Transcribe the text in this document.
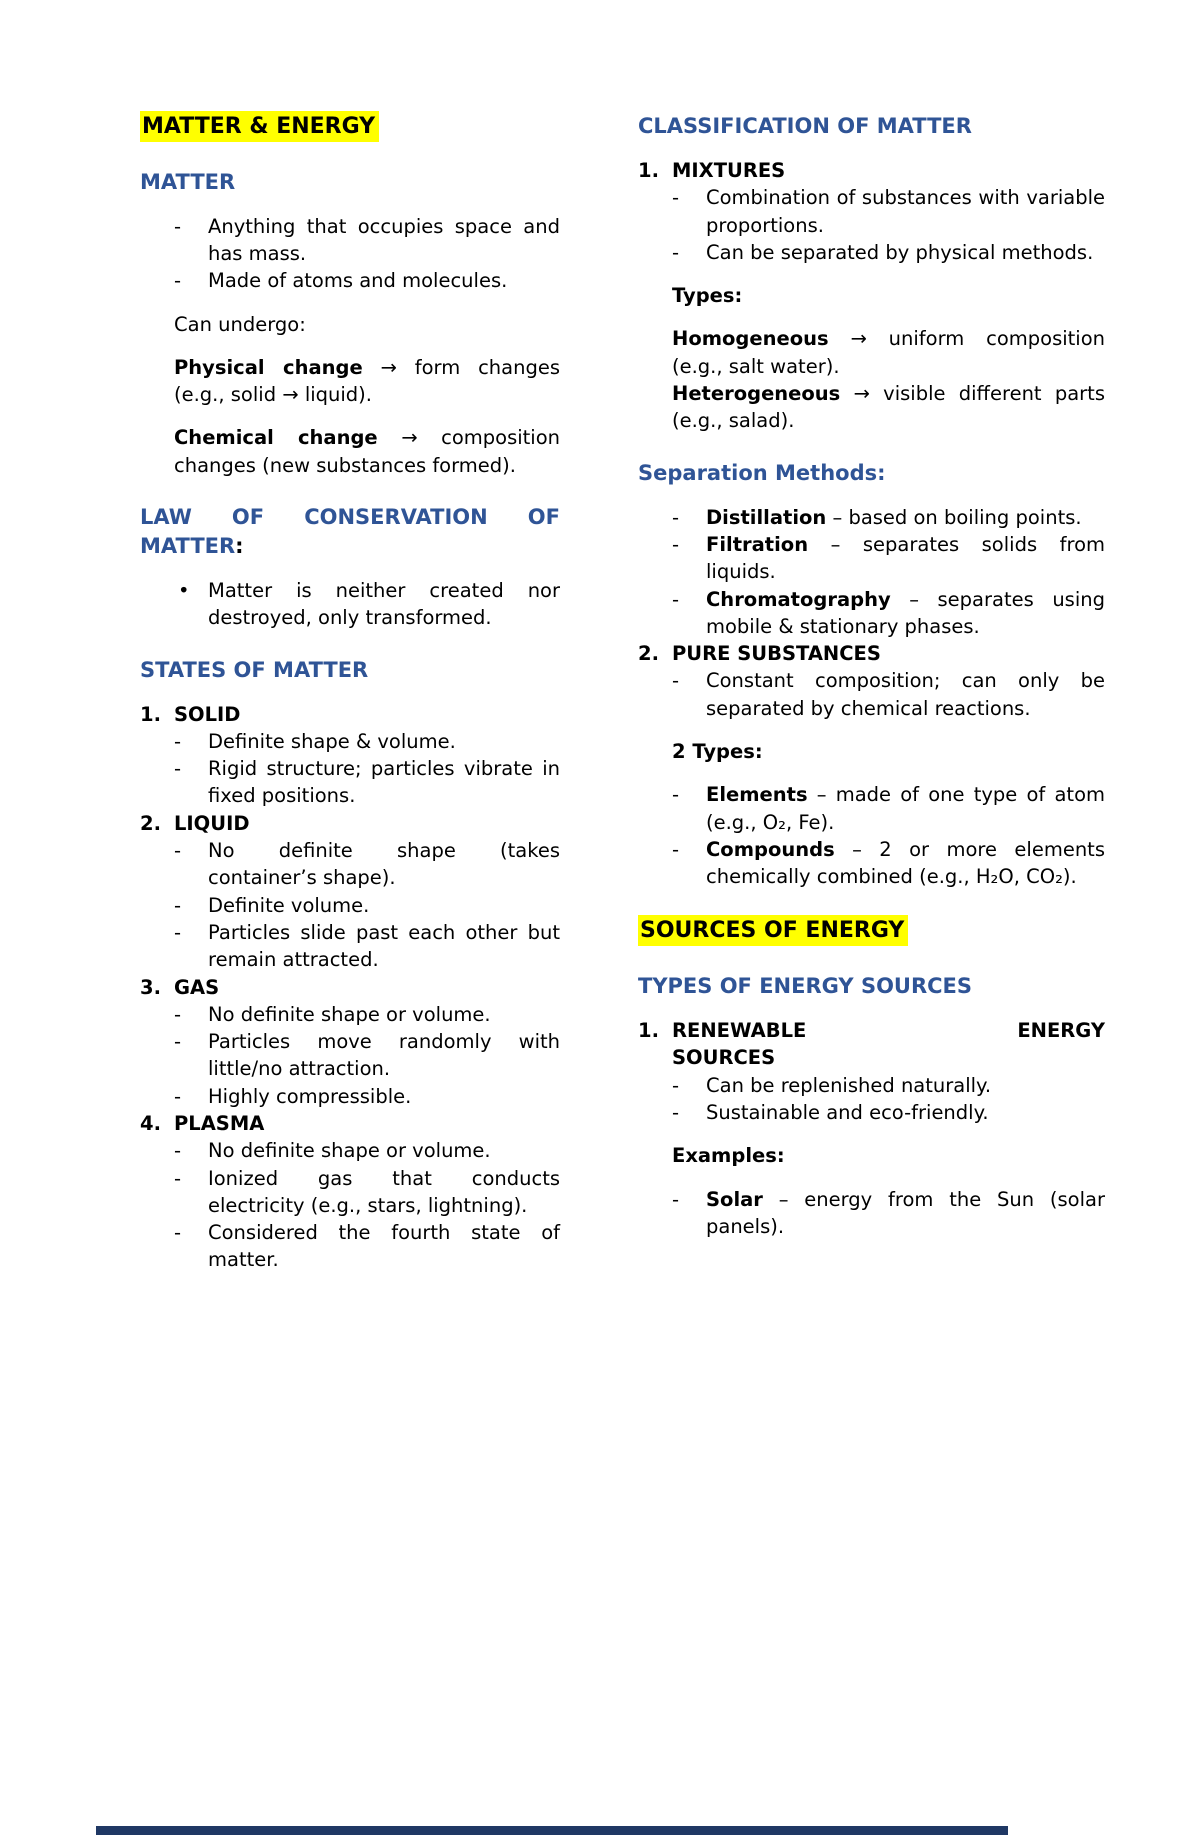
MATTER & ENERGY
MATTER
- Anything that occupies space and has mass.
- Made of atoms and molecules.
Can undergo:
Physical change → form changes (e.g., solid → liquid).
Chemical change → composition changes (new substances formed).
LAW OF CONSERVATION OF
MATTER:
• Matter is neither created nor destroyed, only transformed.
STATES OF MATTER
1. SOLID
- Definite shape & volume.
- Rigid structure; particles vibrate in fixed positions.
2. LIQUID
- No definite shape (takes container’s shape).
- Definite volume.
- Particles slide past each other but remain attracted.
3. GAS
- No definite shape or volume.
- Particles move randomly with little/no attraction.
- Highly compressible.
4. PLASMA
- No definite shape or volume.
- Ionized gas that conducts electricity (e.g., stars, lightning).
- Considered the fourth state of matter.
CLASSIFICATION OF MATTER
1. MIXTURES
- Combination of substances with variable proportions.
- Can be separated by physical methods.
Types:
Homogeneous → uniform composition (e.g., salt water).
Heterogeneous → visible different parts (e.g., salad).
Separation Methods:
- Distillation – based on boiling points.
- Filtration – separates solids from liquids.
- Chromatography – separates using mobile & stationary phases.
2. PURE SUBSTANCES
- Constant composition; can only be separated by chemical reactions.
2 Types:
- Elements – made of one type of atom (e.g., O₂, Fe).
- Compounds – 2 or more elements chemically combined (e.g., H₂O, CO₂).
SOURCES OF ENERGY
TYPES OF ENERGY SOURCES
1. RENEWABLE ENERGY
SOURCES
- Can be replenished naturally.
- Sustainable and eco-friendly.
Examples:
- Solar – energy from the Sun (solar panels).
